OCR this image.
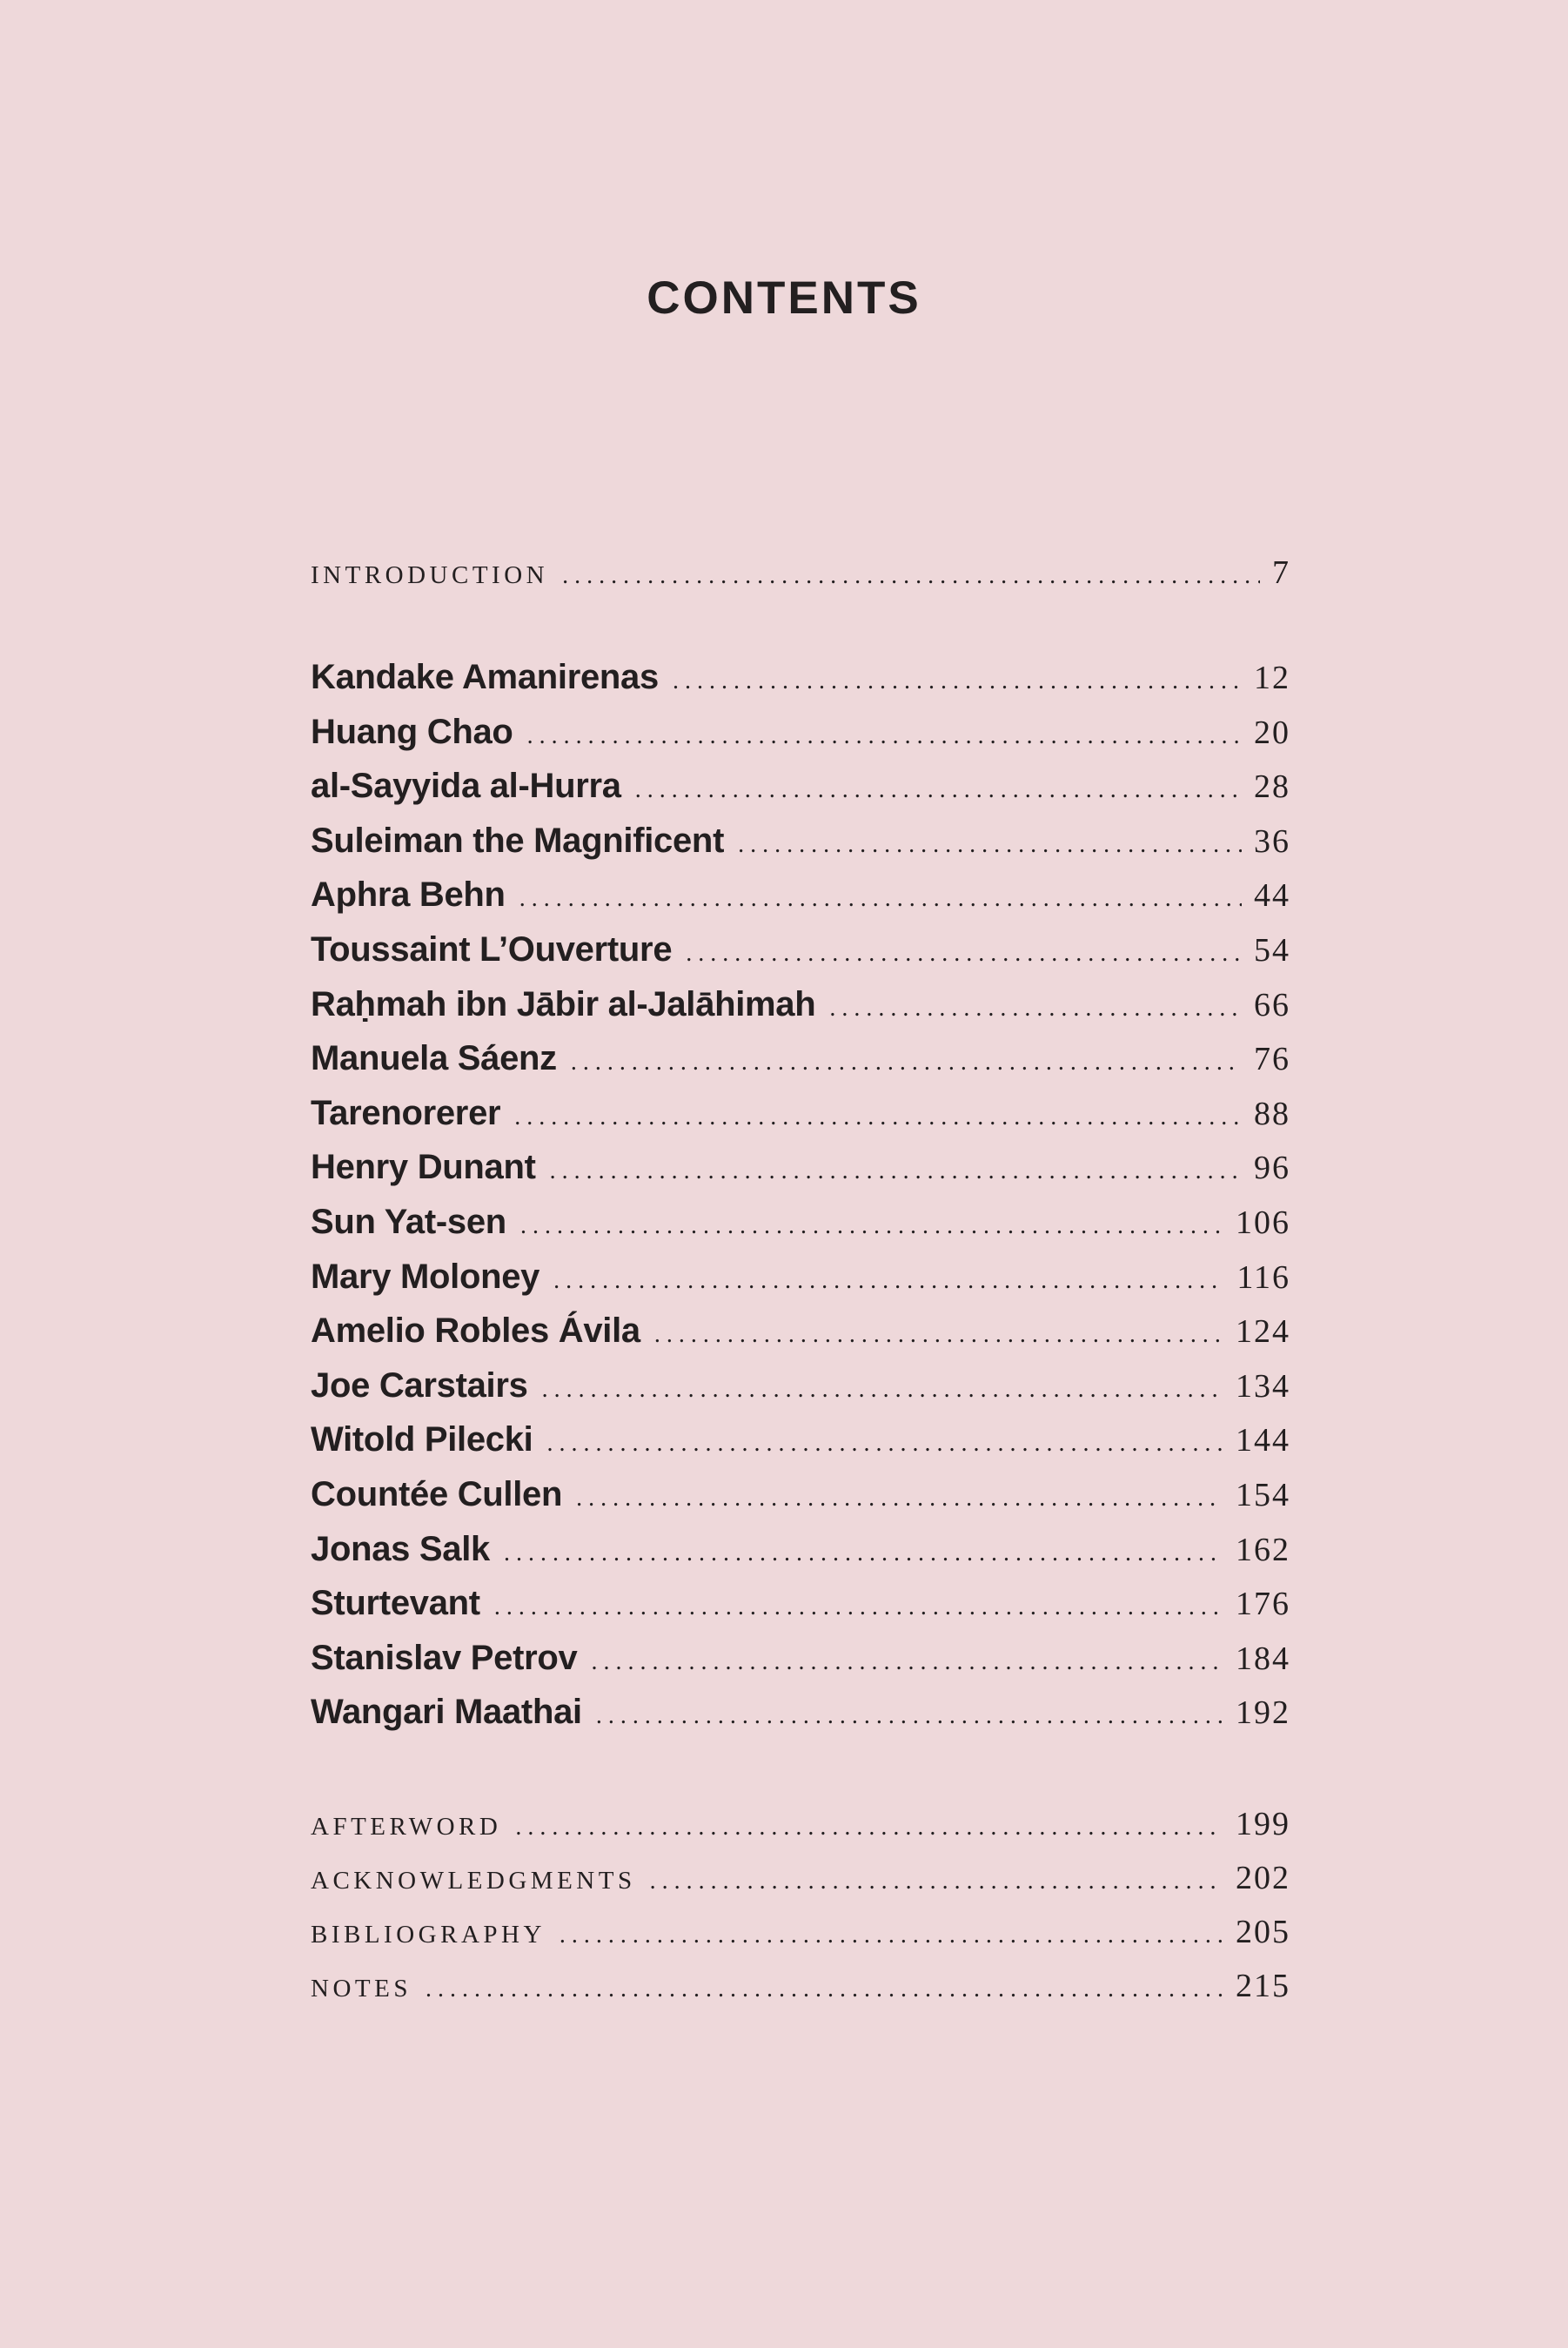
CONTENTS
INTRODUCTION . . .	7
Kandake Amanirenas . . .	12
Huang Chao . . .	20
al-Sayyida al-Hurra . . .	28
Suleiman the Magnificent . . .	36
Aphra Behn . . .	44
Toussaint L’Ouverture . . .	54
Raḥmah ibn Jābir al-Jalāhimah . . .	66
Manuela Sáenz . . .	76
Tarenorerer . . .	88
Henry Dunant . . .	96
Sun Yat-sen . . .	106
Mary Moloney . . .	116
Amelio Robles Ávila . . .	124
Joe Carstairs . . .	134
Witold Pilecki . . .	144
Countée Cullen . . .	154
Jonas Salk . . .	162
Sturtevant . . .	176
Stanislav Petrov . . .	184
Wangari Maathai . . .	192
AFTERWORD . . .	199
ACKNOWLEDGMENTS . . .	202
BIBLIOGRAPHY . . .	205
NOTES . . .	215
